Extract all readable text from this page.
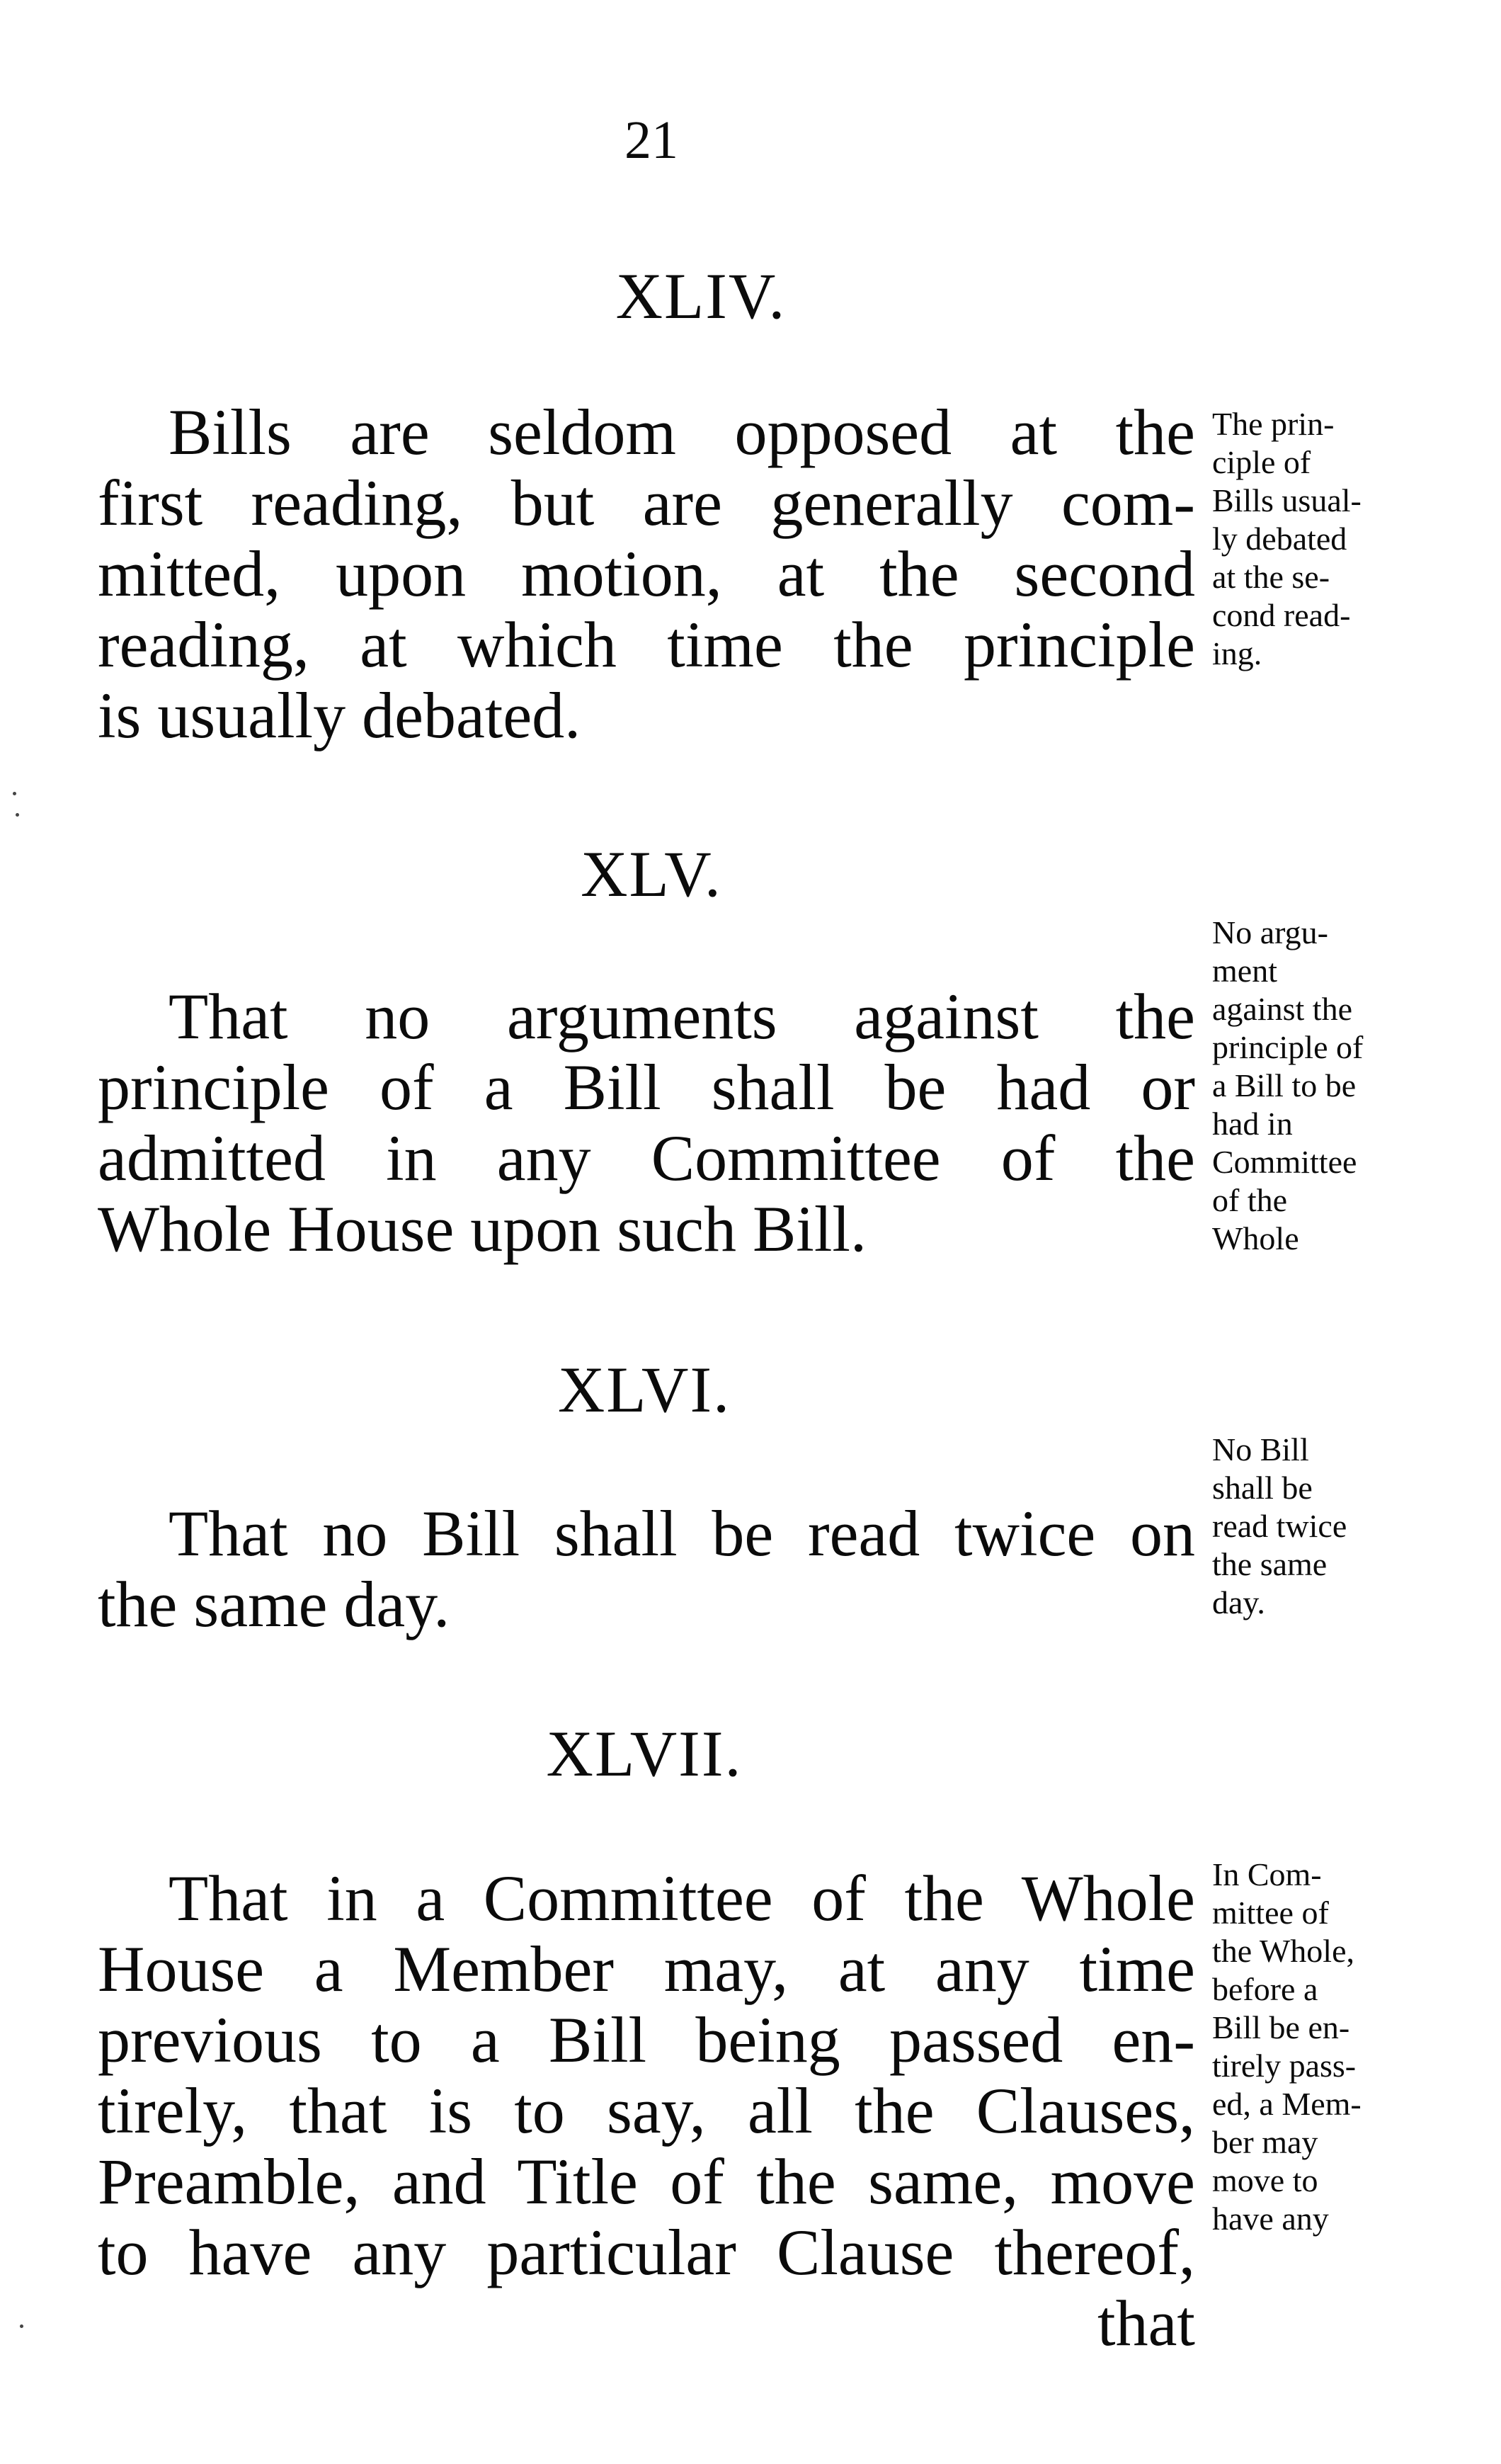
21
XLIV.
Bills are seldom opposed at the
first reading, but are generally com-
mitted, upon motion, at the second
reading, at which time the principle
is usually debated.
The prin-
ciple of
Bills usual-
ly debated
at the se-
cond read-
ing.
XLV.
That no arguments against the
principle of a Bill shall be had or
admitted in any Committee of the
Whole House upon such Bill.
No argu-
ment
against the
principle of
a Bill to be
had in
Committee
of the
Whole
XLVI.
That no Bill shall be read twice on
the same day.
No Bill
shall be
read twice
the same
day.
XLVII.
That in a Committee of the Whole
House a Member may, at any time
previous to a Bill being passed en-
tirely, that is to say, all the Clauses,
Preamble, and Title of the same, move
to have any particular Clause thereof,
that
In Com-
mittee of
the Whole,
before a
Bill be en-
tirely pass-
ed, a Mem-
ber may
move to
have any
